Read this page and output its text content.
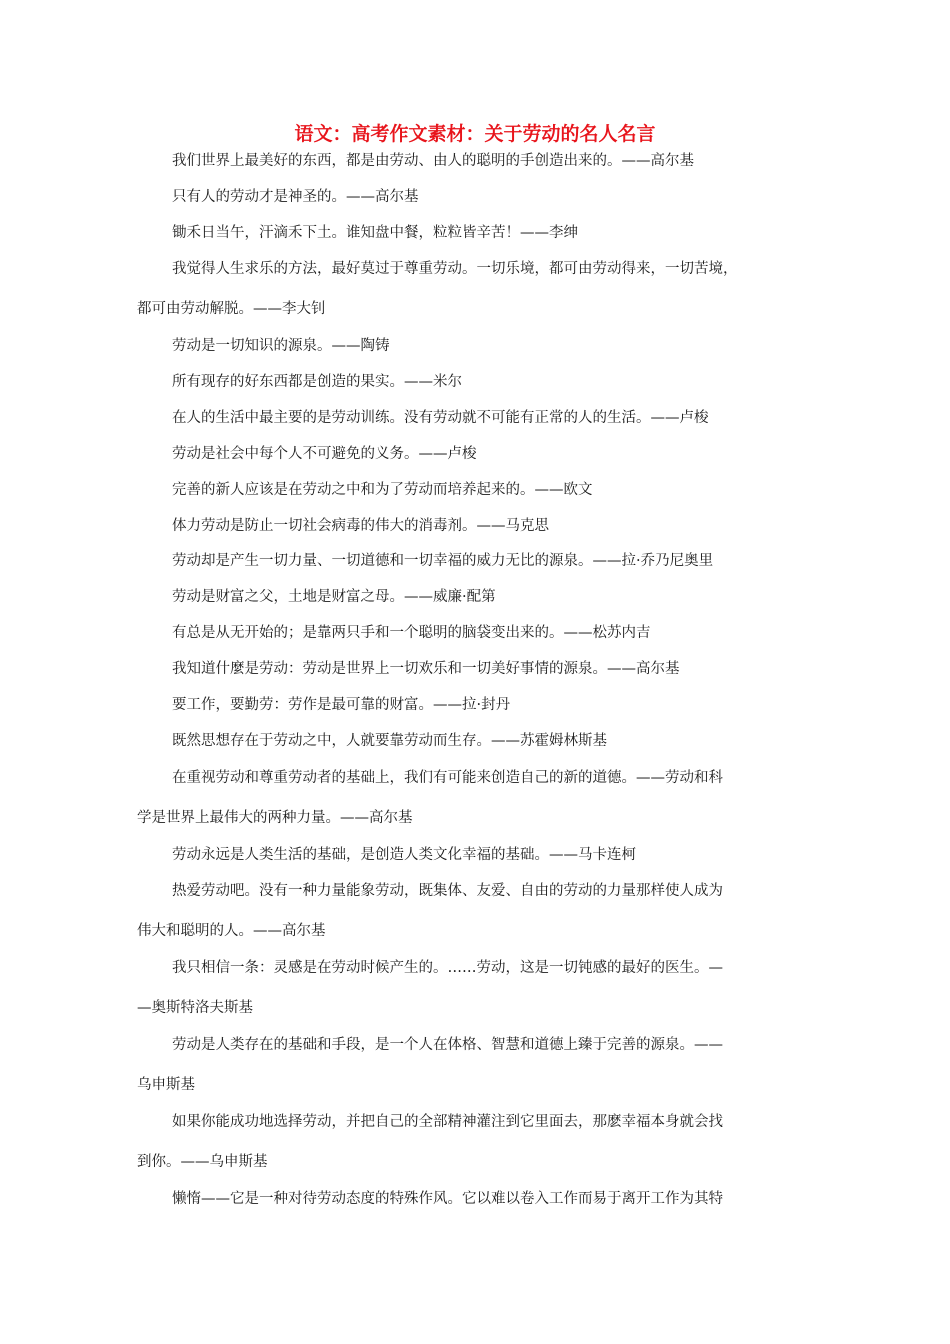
语文：高考作文素材：关于劳动的名人名言
我们世界上最美好的东西，都是由劳动、由人的聪明的手创造出来的。——高尔基
只有人的劳动才是神圣的。——高尔基
锄禾日当午，汗滴禾下土。谁知盘中餐，粒粒皆辛苦！——李绅
我觉得人生求乐的方法，最好莫过于尊重劳动。一切乐境，都可由劳动得来，一切苦境，
都可由劳动解脱。——李大钊
劳动是一切知识的源泉。——陶铸
所有现存的好东西都是创造的果实。——米尔
在人的生活中最主要的是劳动训练。没有劳动就不可能有正常的人的生活。——卢梭
劳动是社会中每个人不可避免的义务。——卢梭
完善的新人应该是在劳动之中和为了劳动而培养起来的。——欧文
体力劳动是防止一切社会病毒的伟大的消毒剂。——马克思
劳动却是产生一切力量、一切道德和一切幸福的威力无比的源泉。——拉·乔乃尼奥里
劳动是财富之父，土地是财富之母。——威廉·配第
有总是从无开始的；是靠两只手和一个聪明的脑袋变出来的。——松苏内吉
我知道什麼是劳动：劳动是世界上一切欢乐和一切美好事情的源泉。——高尔基
要工作，要勤劳：劳作是最可靠的财富。——拉·封丹
既然思想存在于劳动之中，人就要靠劳动而生存。——苏霍姆林斯基
在重视劳动和尊重劳动者的基础上，我们有可能来创造自己的新的道德。——劳动和科
学是世界上最伟大的两种力量。——高尔基
劳动永远是人类生活的基础，是创造人类文化幸福的基础。——马卡连柯
热爱劳动吧。没有一种力量能象劳动，既集体、友爱、自由的劳动的力量那样使人成为
伟大和聪明的人。——高尔基
我只相信一条：灵感是在劳动时候产生的。……劳动，这是一切钝感的最好的医生。—
—奥斯特洛夫斯基
劳动是人类存在的基础和手段，是一个人在体格、智慧和道德上臻于完善的源泉。——
乌申斯基
如果你能成功地选择劳动，并把自己的全部精神灌注到它里面去，那麽幸福本身就会找
到你。——乌申斯基
懒惰——它是一种对待劳动态度的特殊作风。它以难以卷入工作而易于离开工作为其特
